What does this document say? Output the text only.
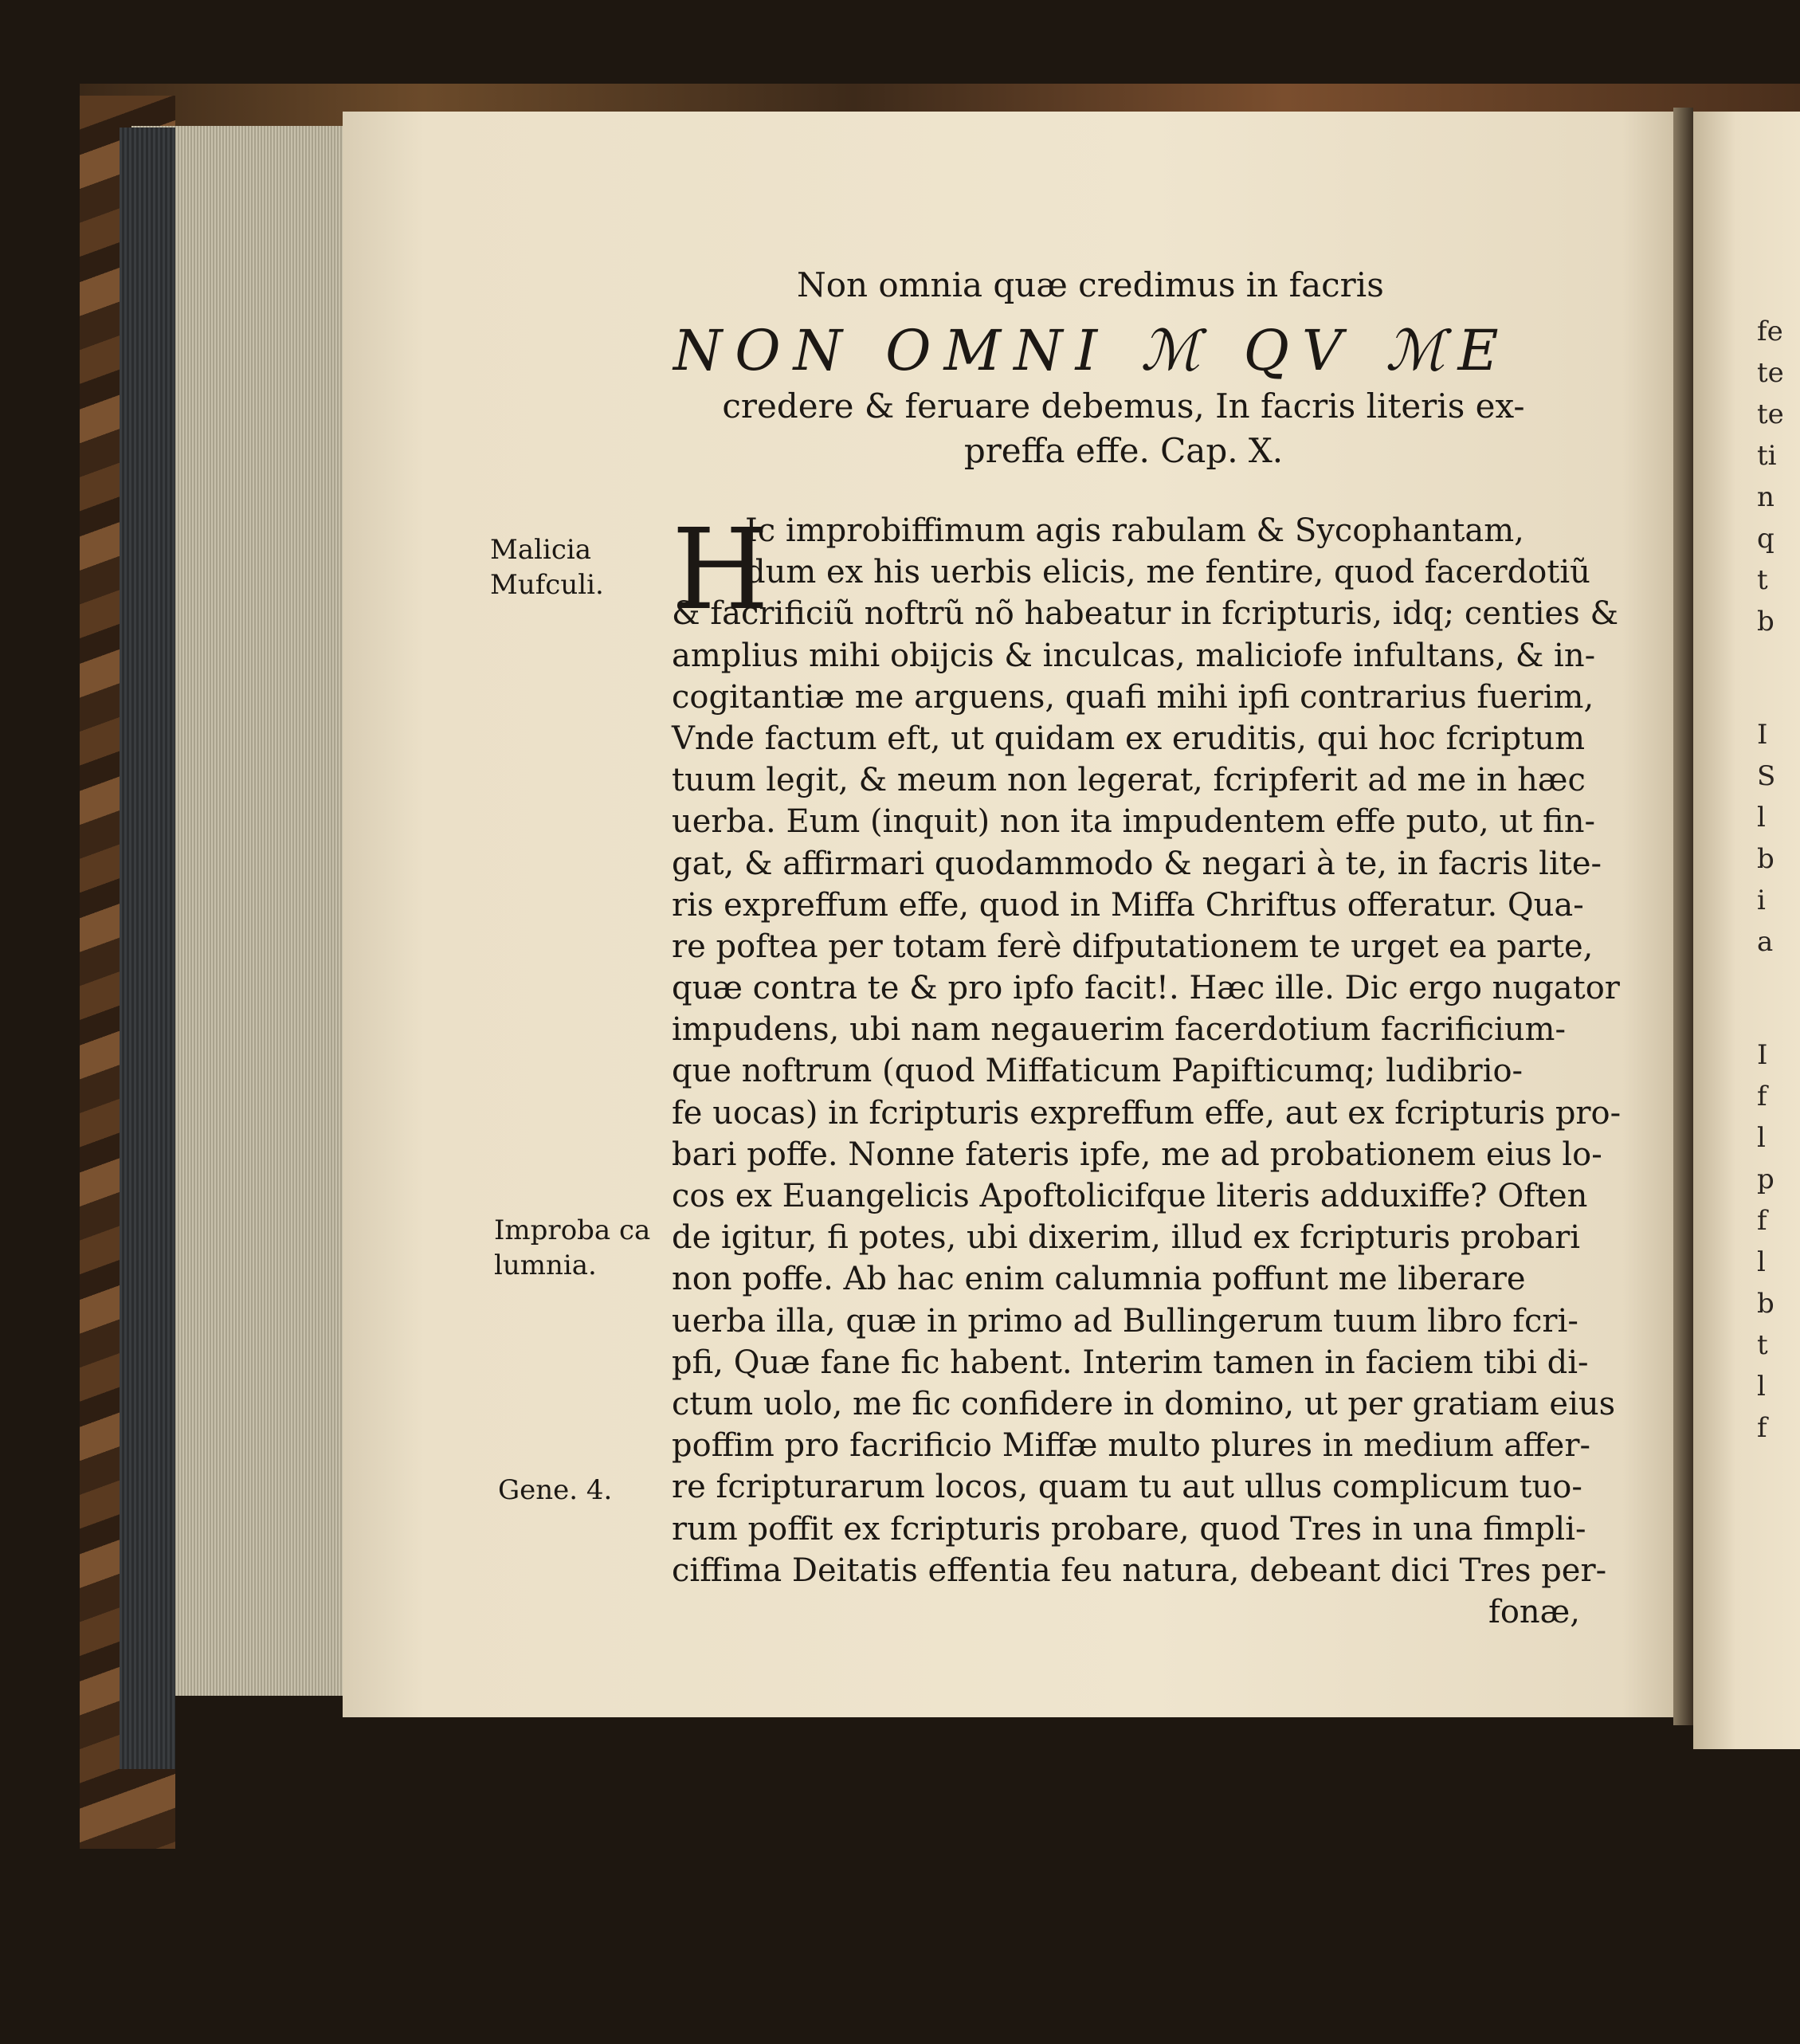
fe
te
te
ti
n
q
t
b
I
S
l
b
i
a
I
f
l
p
f
l
b
t
l
f
Non omnia quæ credimus in facris
NON OMNI ℳ QV ℳE
credere & feruare debemus, In facris literis ex-
preffa effe. Cap. X.
H
Ic improbiffimum agis rabulam & Sycophantam,
dum ex his uerbis elicis, me fentire, quod facerdotiũ
& facrificiũ noftrũ nõ habeatur in fcripturis, idq; centies &
amplius mihi obijcis & inculcas, maliciofe infultans, & in-
cogitantiæ me arguens, quafi mihi ipfi contrarius fuerim,
Vnde factum eft, ut quidam ex eruditis, qui hoc fcriptum
tuum legit, & meum non legerat, fcripferit ad me in hæc
uerba. Eum (inquit) non ita impudentem effe puto, ut fin-
gat, & affirmari quodammodo & negari à te, in facris lite-
ris expreffum effe, quod in Miffa Chriftus offeratur. Qua-
re poftea per totam ferè difputationem te urget ea parte,
quæ contra te & pro ipfo facit!. Hæc ille. Dic ergo nugator
impudens, ubi nam negauerim facerdotium facrificium-
que noftrum (quod Miffaticum Papifticumq; ludibrio-
fe uocas) in fcripturis expreffum effe, aut ex fcripturis pro-
bari poffe. Nonne fateris ipfe, me ad probationem eius lo-
cos ex Euangelicis Apoftolicifque literis adduxiffe? Often
de igitur, fi potes, ubi dixerim, illud ex fcripturis probari
non poffe. Ab hac enim calumnia poffunt me liberare
uerba illa, quæ in primo ad Bullingerum tuum libro fcri-
pfi, Quæ fane fic habent. Interim tamen in faciem tibi di-
ctum uolo, me fic confidere in domino, ut per gratiam eius
poffim pro facrificio Miffæ multo plures in medium affer-
re fcripturarum locos, quam tu aut ullus complicum tuo-
rum poffit ex fcripturis probare, quod Tres in una fimpli-
ciffima Deitatis effentia feu natura, debeant dici Tres per-
fonæ,
Malicia
Mufculi.
Improba ca
lumnia.
Gene. 4.
